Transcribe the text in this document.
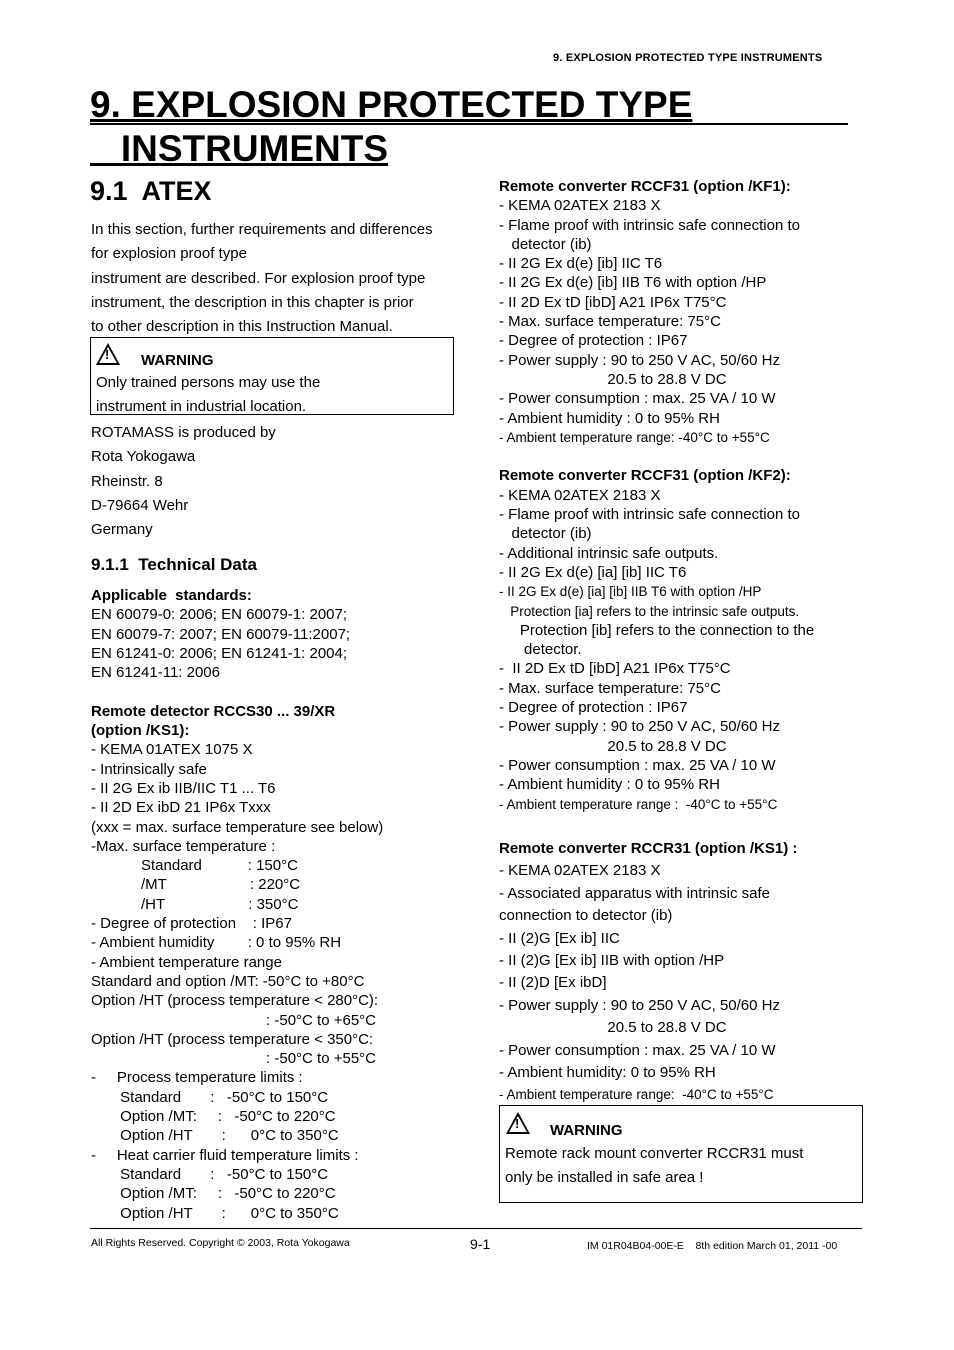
9. EXPLOSION PROTECTED TYPE INSTRUMENTS
9. EXPLOSION PROTECTED TYPE
INSTRUMENTS
9.1  ATEX
In this section, further requirements and differences
for explosion proof type
instrument are described. For explosion proof type
instrument, the description in this chapter is prior
to other description in this Instruction Manual.
! WARNING
Only trained persons may use the
instrument in industrial location.
ROTAMASS is produced by
Rota Yokogawa
Rheinstr. 8
D-79664 Wehr
Germany
9.1.1  Technical Data
Applicable  standards:
EN 60079-0: 2006; EN 60079-1: 2007;
EN 60079-7: 2007; EN 60079-11:2007;
EN 61241-0: 2006; EN 61241-1: 2004;
EN 61241-11: 2006
Remote detector RCCS30 ... 39/XR
(option /KS1):
- KEMA 01ATEX 1075 X
- Intrinsically safe
- II 2G Ex ib IIB/IIC T1 ... T6
- II 2D Ex ibD 21 IP6x Txxx
(xxx = max. surface temperature see below)
-Max. surface temperature :
Standard           : 150°C
/MT                    : 220°C
/HT                    : 350°C
- Degree of protection    : IP67
- Ambient humidity        : 0 to 95% RH
- Ambient temperature range
Standard and option /MT: -50°C to +80°C
Option /HT (process temperature < 280°C):
: -50°C to +65°C
Option /HT (process temperature < 350°C:
: -50°C to +55°C
-     Process temperature limits :
Standard       :   -50°C to 150°C
Option /MT:     :   -50°C to 220°C
Option /HT       :      0°C to 350°C
-     Heat carrier fluid temperature limits :
Standard       :   -50°C to 150°C
Option /MT:     :   -50°C to 220°C
Option /HT       :      0°C to 350°C
Remote converter RCCF31 (option /KF1):
- KEMA 02ATEX 2183 X
- Flame proof with intrinsic safe connection to
detector (ib)
- II 2G Ex d(e) [ib] IIC T6
- II 2G Ex d(e) [ib] IIB T6 with option /HP
- II 2D Ex tD [ibD] A21 IP6x T75°C
- Max. surface temperature: 75°C
- Degree of protection : IP67
- Power supply : 90 to 250 V AC, 50/60 Hz
20.5 to 28.8 V DC
- Power consumption : max. 25 VA / 10 W
- Ambient humidity : 0 to 95% RH
- Ambient temperature range: -40°C to +55°C
Remote converter RCCF31 (option /KF2):
- KEMA 02ATEX 2183 X
- Flame proof with intrinsic safe connection to
detector (ib)
- Additional intrinsic safe outputs.
- II 2G Ex d(e) [ia] [ib] IIC T6
- II 2G Ex d(e) [ia] [ib] IIB T6 with option /HP
Protection [ia] refers to the intrinsic safe outputs.
Protection [ib] refers to the connection to the
detector.
-  II 2D Ex tD [ibD] A21 IP6x T75°C
- Max. surface temperature: 75°C
- Degree of protection : IP67
- Power supply : 90 to 250 V AC, 50/60 Hz
20.5 to 28.8 V DC
- Power consumption : max. 25 VA / 10 W
- Ambient humidity : 0 to 95% RH
- Ambient temperature range :  -40°C to +55°C
Remote converter RCCR31 (option /KS1) :
- KEMA 02ATEX 2183 X
- Associated apparatus with intrinsic safe
connection to detector (ib)
- II (2)G [Ex ib] IIC
- II (2)G [Ex ib] IIB with option /HP
- II (2)D [Ex ibD]
- Power supply : 90 to 250 V AC, 50/60 Hz
20.5 to 28.8 V DC
- Power consumption : max. 25 VA / 10 W
- Ambient humidity: 0 to 95% RH
- Ambient temperature range:  -40°C to +55°C
! WARNING
Remote rack mount converter RCCR31 must
only be installed in safe area !
All Rights Reserved. Copyright © 2003, Rota Yokogawa	9-1	IM 01R04B04-00E-E    8th edition March 01, 2011 -00
